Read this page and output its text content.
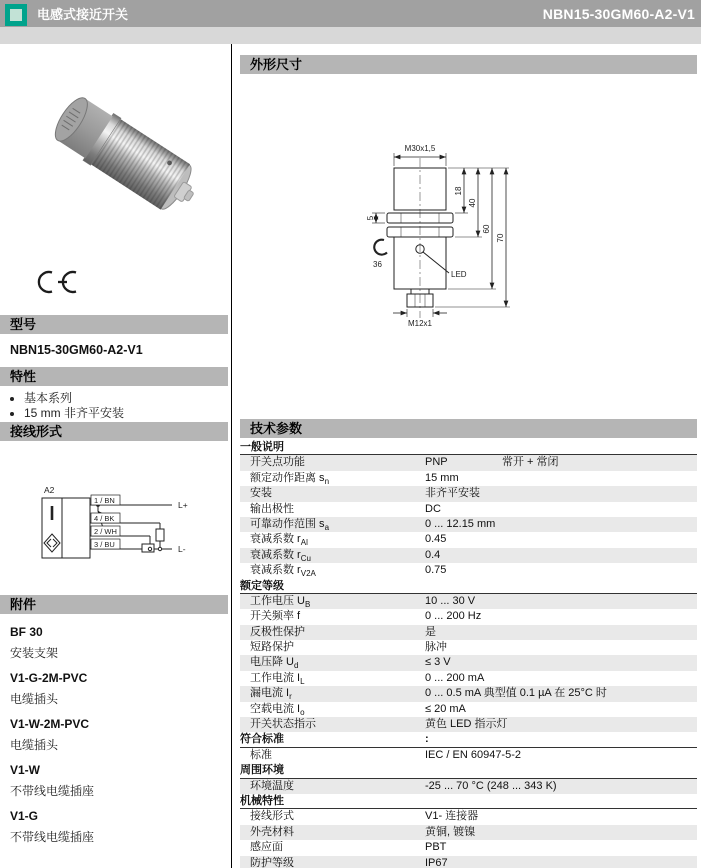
电感式接近开关	NBN15-30GM60-A2-V1
型号
NBN15-30GM60-A2-V1
特性
• 基本系列
• 15 mm 非齐平安装
接线形式
A2
1 / BN
4 / BK
2 / WH
3 / BU
L+
L-
附件
BF 30
安装支架
V1-G-2M-PVC
电缆插头
V1-W-2M-PVC
电缆插头
V1-W
不带线电缆插座
V1-G
不带线电缆插座
外形尺寸
M30x1,5
5
18
40
60
70
LED
36
M12x1
技术参数
一般说明
开关点功能	PNP	常开 + 常闭
额定动作距离 $s_n$	15 mm
安装	非齐平安装
输出极性	DC
可靠动作范围 $s_a$	0 ... 12.15 mm
衰减系数 $r_{Al}$	0.45
衰减系数 $r_{Cu}$	0.4
衰减系数 $r_{V2A}$	0.75
额定等级
工作电压 $U_B$	10 ... 30 V
开关频率 f	0 ... 200 Hz
反极性保护	是
短路保护	脉冲
电压降 $U_d$	≤ 3 V
工作电流 $I_L$	0 ... 200 mA
漏电流 $I_r$	0 ... 0.5 mA 典型值 0.1 µA 在 25°C 时
空载电流 $I_o$	≤ 20 mA
开关状态指示	黄色 LED 指示灯
符合标准	:
标准	IEC / EN 60947-5-2
周围环境
环境温度	-25 ... 70 °C (248 ... 343 K)
机械特性
接线形式	V1- 连接器
外壳材料	黄铜, 镀镍
感应面	PBT
防护等级	IP67
